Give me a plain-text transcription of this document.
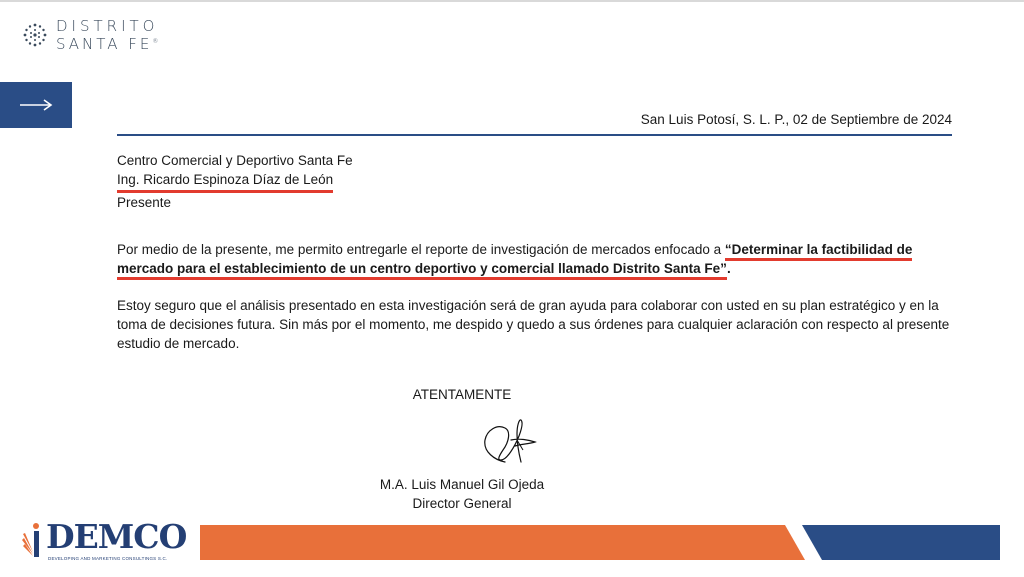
DISTRITO
SANTA FE®
San Luis Potosí, S. L. P., 02 de Septiembre de 2024
Centro Comercial y Deportivo Santa Fe
Ing. Ricardo Espinoza Díaz de León
Presente
Por medio de la presente, me permito entregarle el reporte de investigación de mercados enfocado a “Determinar la factibilidad de mercado para el establecimiento de un centro deportivo y comercial llamado Distrito Santa Fe”.
Estoy seguro que el análisis presentado en esta investigación será de gran ayuda para colaborar con usted en su plan estratégico y en la toma de decisiones futura. Sin más por el momento, me despido y quedo a sus órdenes para cualquier aclaración con respecto al presente estudio de mercado.
ATENTAMENTE
M.A. Luis Manuel Gil Ojeda
Director General
DEMCO
DEVELOPING AND MARKETING CONSULTINGS S.C.
